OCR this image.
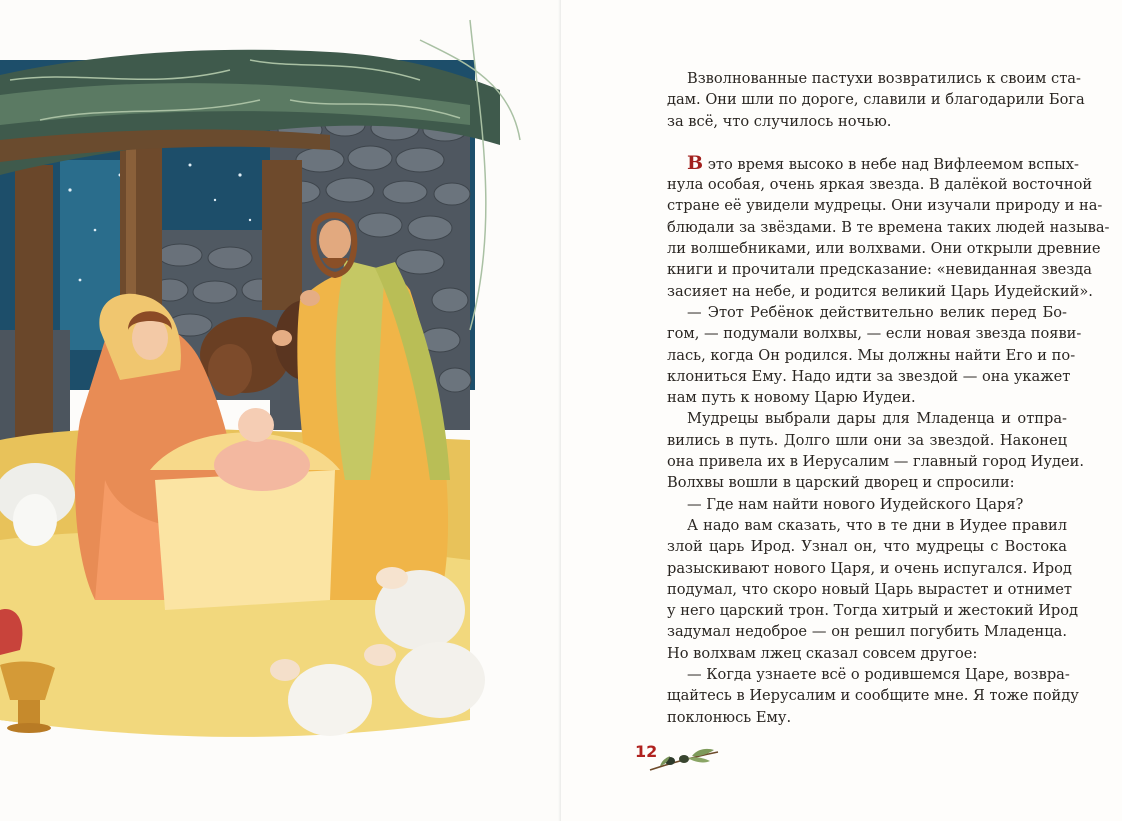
Взволнованные пастухи возвратились к своим ста-
дам. Они шли по дороге, славили и благодарили Бога
за всё, что случилось ночью.
В это время высоко в небе над Вифлеемом вспых-
нула особая, очень яркая звезда. В далёкой восточной
стране её увидели мудрецы. Они изучали природу и на-
блюдали за звёздами. В те времена таких людей называ-
ли волшебниками, или волхвами. Они открыли древние
книги и прочитали предсказание: «невиданная звезда
засияет на небе, и родится великий Царь Иудейский».
— Этот Ребёнок действительно велик перед Бо-
гом, — подумали волхвы, — если новая звезда появи-
лась, когда Он родился. Мы должны найти Его и по-
клониться Ему. Надо идти за звездой — она укажет
нам путь к новому Царю Иудеи.
Мудрецы выбрали дары для Младенца и отпра-
вились в путь. Долго шли они за звездой. Наконец
она привела их в Иерусалим — главный город Иудеи.
Волхвы вошли в царский дворец и спросили:
— Где нам найти нового Иудейского Царя?
А надо вам сказать, что в те дни в Иудее правил
злой царь Ирод. Узнал он, что мудрецы с Востока
разыскивают нового Царя, и очень испугался. Ирод
подумал, что скоро новый Царь вырастет и отнимет
у него царский трон. Тогда хитрый и жестокий Ирод
задумал недоброе — он решил погубить Младенца.
Но волхвам лжец сказал совсем другое:
— Когда узнаете всё о родившемся Царе, возвра-
щайтесь в Иерусалим и сообщите мне. Я тоже пойду
поклонюсь Ему.
12
